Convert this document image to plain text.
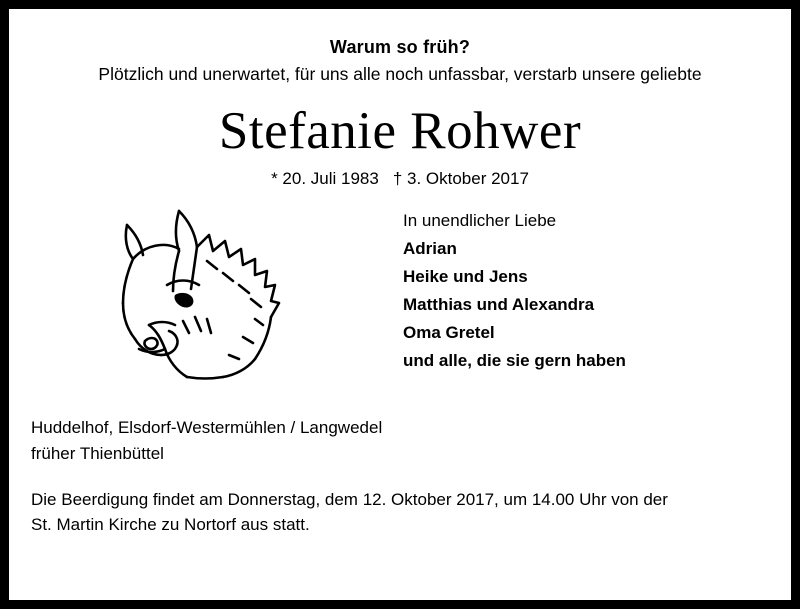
Warum so früh?
Plötzlich und unerwartet, für uns alle noch unfassbar, verstarb unsere geliebte
Stefanie Rohwer
* 20. Juli 1983 † 3. Oktober 2017
In unendlicher Liebe
Adrian
Heike und Jens
Matthias und Alexandra
Oma Gretel
und alle, die sie gern haben
Huddelhof, Elsdorf-Westermühlen / Langwedel
früher Thienbüttel
Die Beerdigung findet am Donnerstag, dem 12. Oktober 2017, um 14.00 Uhr von der
St. Martin Kirche zu Nortorf aus statt.
